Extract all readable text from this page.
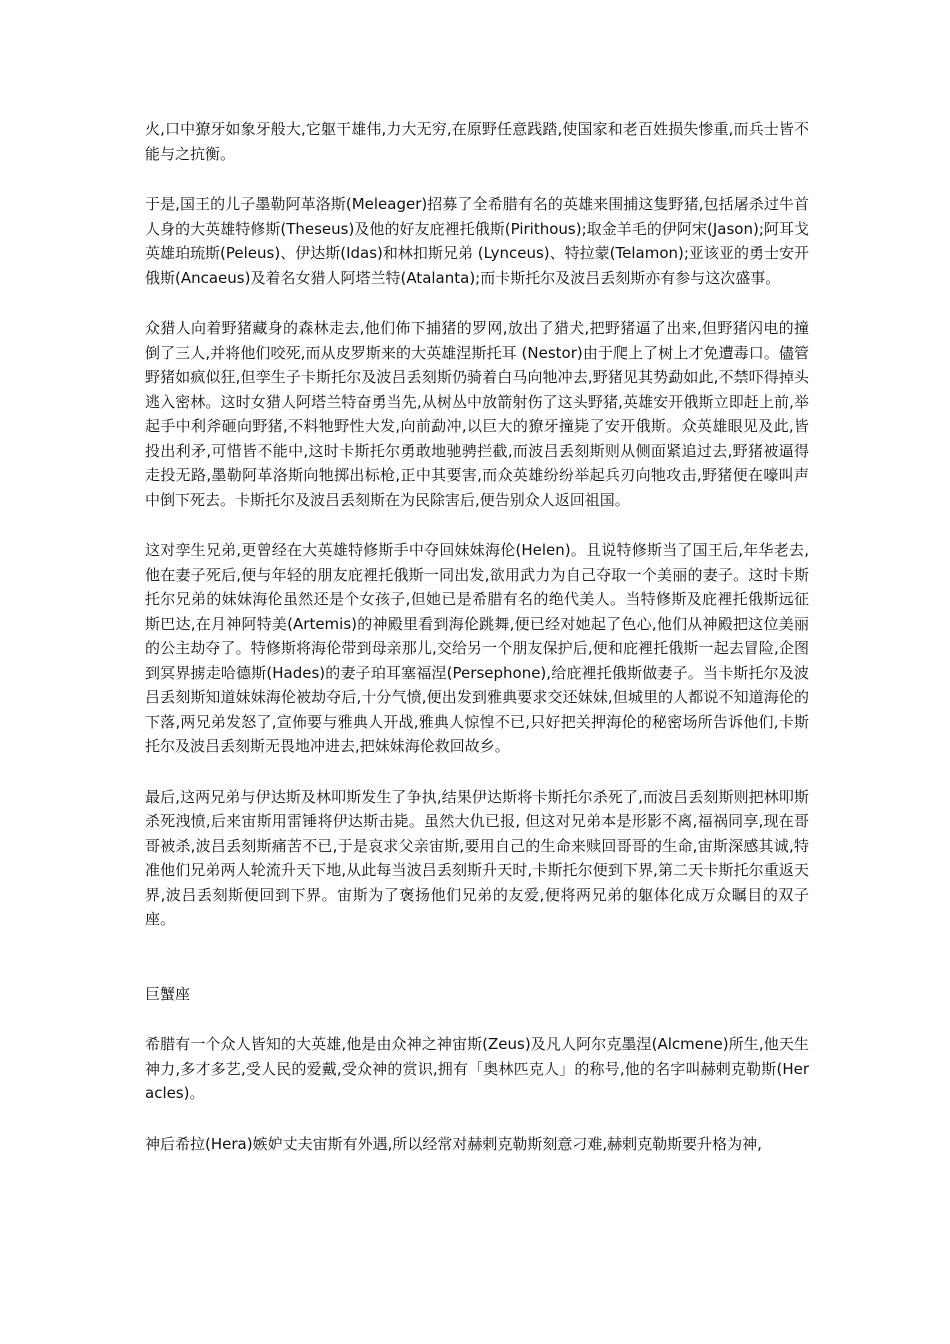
火,口中獠牙如象牙般大,它躯干雄伟,力大无穷,在原野任意践踏,使国家和老百姓损失惨重,而兵士皆不能与之抗衡。

于是,国王的儿子墨勒阿革洛斯(Meleager)招募了全希腊有名的英雄来围捕这隻野猪,包括屠杀过牛首人身的大英雄特修斯(Theseus)及他的好友庇裡托俄斯(Pirithous);取金羊毛的伊阿宋(Jason);阿耳戈英雄珀琉斯(Peleus)、伊达斯(Idas)和林扣斯兄弟 (Lynceus)、特拉蒙(Telamon);亚该亚的勇士安开俄斯(Ancaeus)及着名女猎人阿塔兰特(Atalanta);而卡斯托尔及波吕丢刻斯亦有参与这次盛事。

众猎人向着野猪藏身的森林走去,他们佈下捕猪的罗网,放出了猎犬,把野猪逼了出来,但野猪闪电的撞倒了三人,并将他们咬死,而从皮罗斯来的大英雄涅斯托耳 (Nestor)由于爬上了树上才免遭毒口。儘管野猪如疯似狂,但孪生子卡斯托尔及波吕丢刻斯仍骑着白马向牠冲去,野猪见其势勐如此,不禁吓得掉头逃入密林。这时女猎人阿塔兰特奋勇当先,从树丛中放箭射伤了这头野猪,英雄安开俄斯立即赶上前,举起手中利斧砸向野猪,不料牠野性大发,向前勐冲,以巨大的獠牙撞毙了安开俄斯。众英雄眼见及此,皆投出利矛,可惜皆不能中,这时卡斯托尔勇敢地驰骋拦截,而波吕丢刻斯则从侧面紧追过去,野猪被逼得走投无路,墨勒阿革洛斯向牠掷出标枪,正中其要害,而众英雄纷纷举起兵刃向牠攻击,野猪便在嚎叫声中倒下死去。卡斯托尔及波吕丢刻斯在为民除害后,便告别众人返回祖国。

这对孪生兄弟,更曾经在大英雄特修斯手中夺回妹妹海伦(Helen)。且说特修斯当了国王后,年华老去,他在妻子死后,便与年轻的朋友庇裡托俄斯一同出发,欲用武力为自己夺取一个美丽的妻子。这时卡斯托尔兄弟的妹妹海伦虽然还是个女孩子,但她已是希腊有名的绝代美人。当特修斯及庇裡托俄斯远征斯巴达,在月神阿特美(Artemis)的神殿里看到海伦跳舞,便已经对她起了色心,他们从神殿把这位美丽的公主劫夺了。特修斯将海伦带到母亲那儿,交给另一个朋友保护后,便和庇裡托俄斯一起去冒险,企图到冥界掳走哈德斯(Hades)的妻子珀耳塞福涅(Persephone),给庇裡托俄斯做妻子。当卡斯托尔及波吕丢刻斯知道妹妹海伦被劫夺后,十分气愤,便出发到雅典要求交还妹妹,但城里的人都说不知道海伦的下落,两兄弟发怒了,宣佈要与雅典人开战,雅典人惊惶不已,只好把关押海伦的秘密场所告诉他们,卡斯托尔及波吕丢刻斯无畏地冲进去,把妹妹海伦救回故乡。

最后,这两兄弟与伊达斯及林叩斯发生了争执,结果伊达斯将卡斯托尔杀死了,而波吕丢刻斯则把林叩斯杀死洩愤,后来宙斯用雷锤将伊达斯击毙。虽然大仇已报, 但这对兄弟本是形影不离,福祸同享,现在哥哥被杀,波吕丢刻斯痛苦不已,于是哀求父亲宙斯,要用自己的生命来赎回哥哥的生命,宙斯深感其诚,特准他们兄弟两人轮流升天下地,从此每当波吕丢刻斯升天时,卡斯托尔便到下界,第二天卡斯托尔重返天界,波吕丢刻斯便回到下界。宙斯为了褒扬他们兄弟的友爱,便将两兄弟的躯体化成万众瞩目的双子座。

巨蟹座

希腊有一个众人皆知的大英雄,他是由众神之神宙斯(Zeus)及凡人阿尔克墨涅(Alcmene)所生,他天生神力,多才多艺,受人民的爱戴,受众神的赏识,拥有「奥林匹克人」的称号,他的名字叫赫剌克勒斯(Heracles)。

神后希拉(Hera)嫉妒丈夫宙斯有外遇,所以经常对赫剌克勒斯刻意刁难,赫剌克勒斯要升格为神,
